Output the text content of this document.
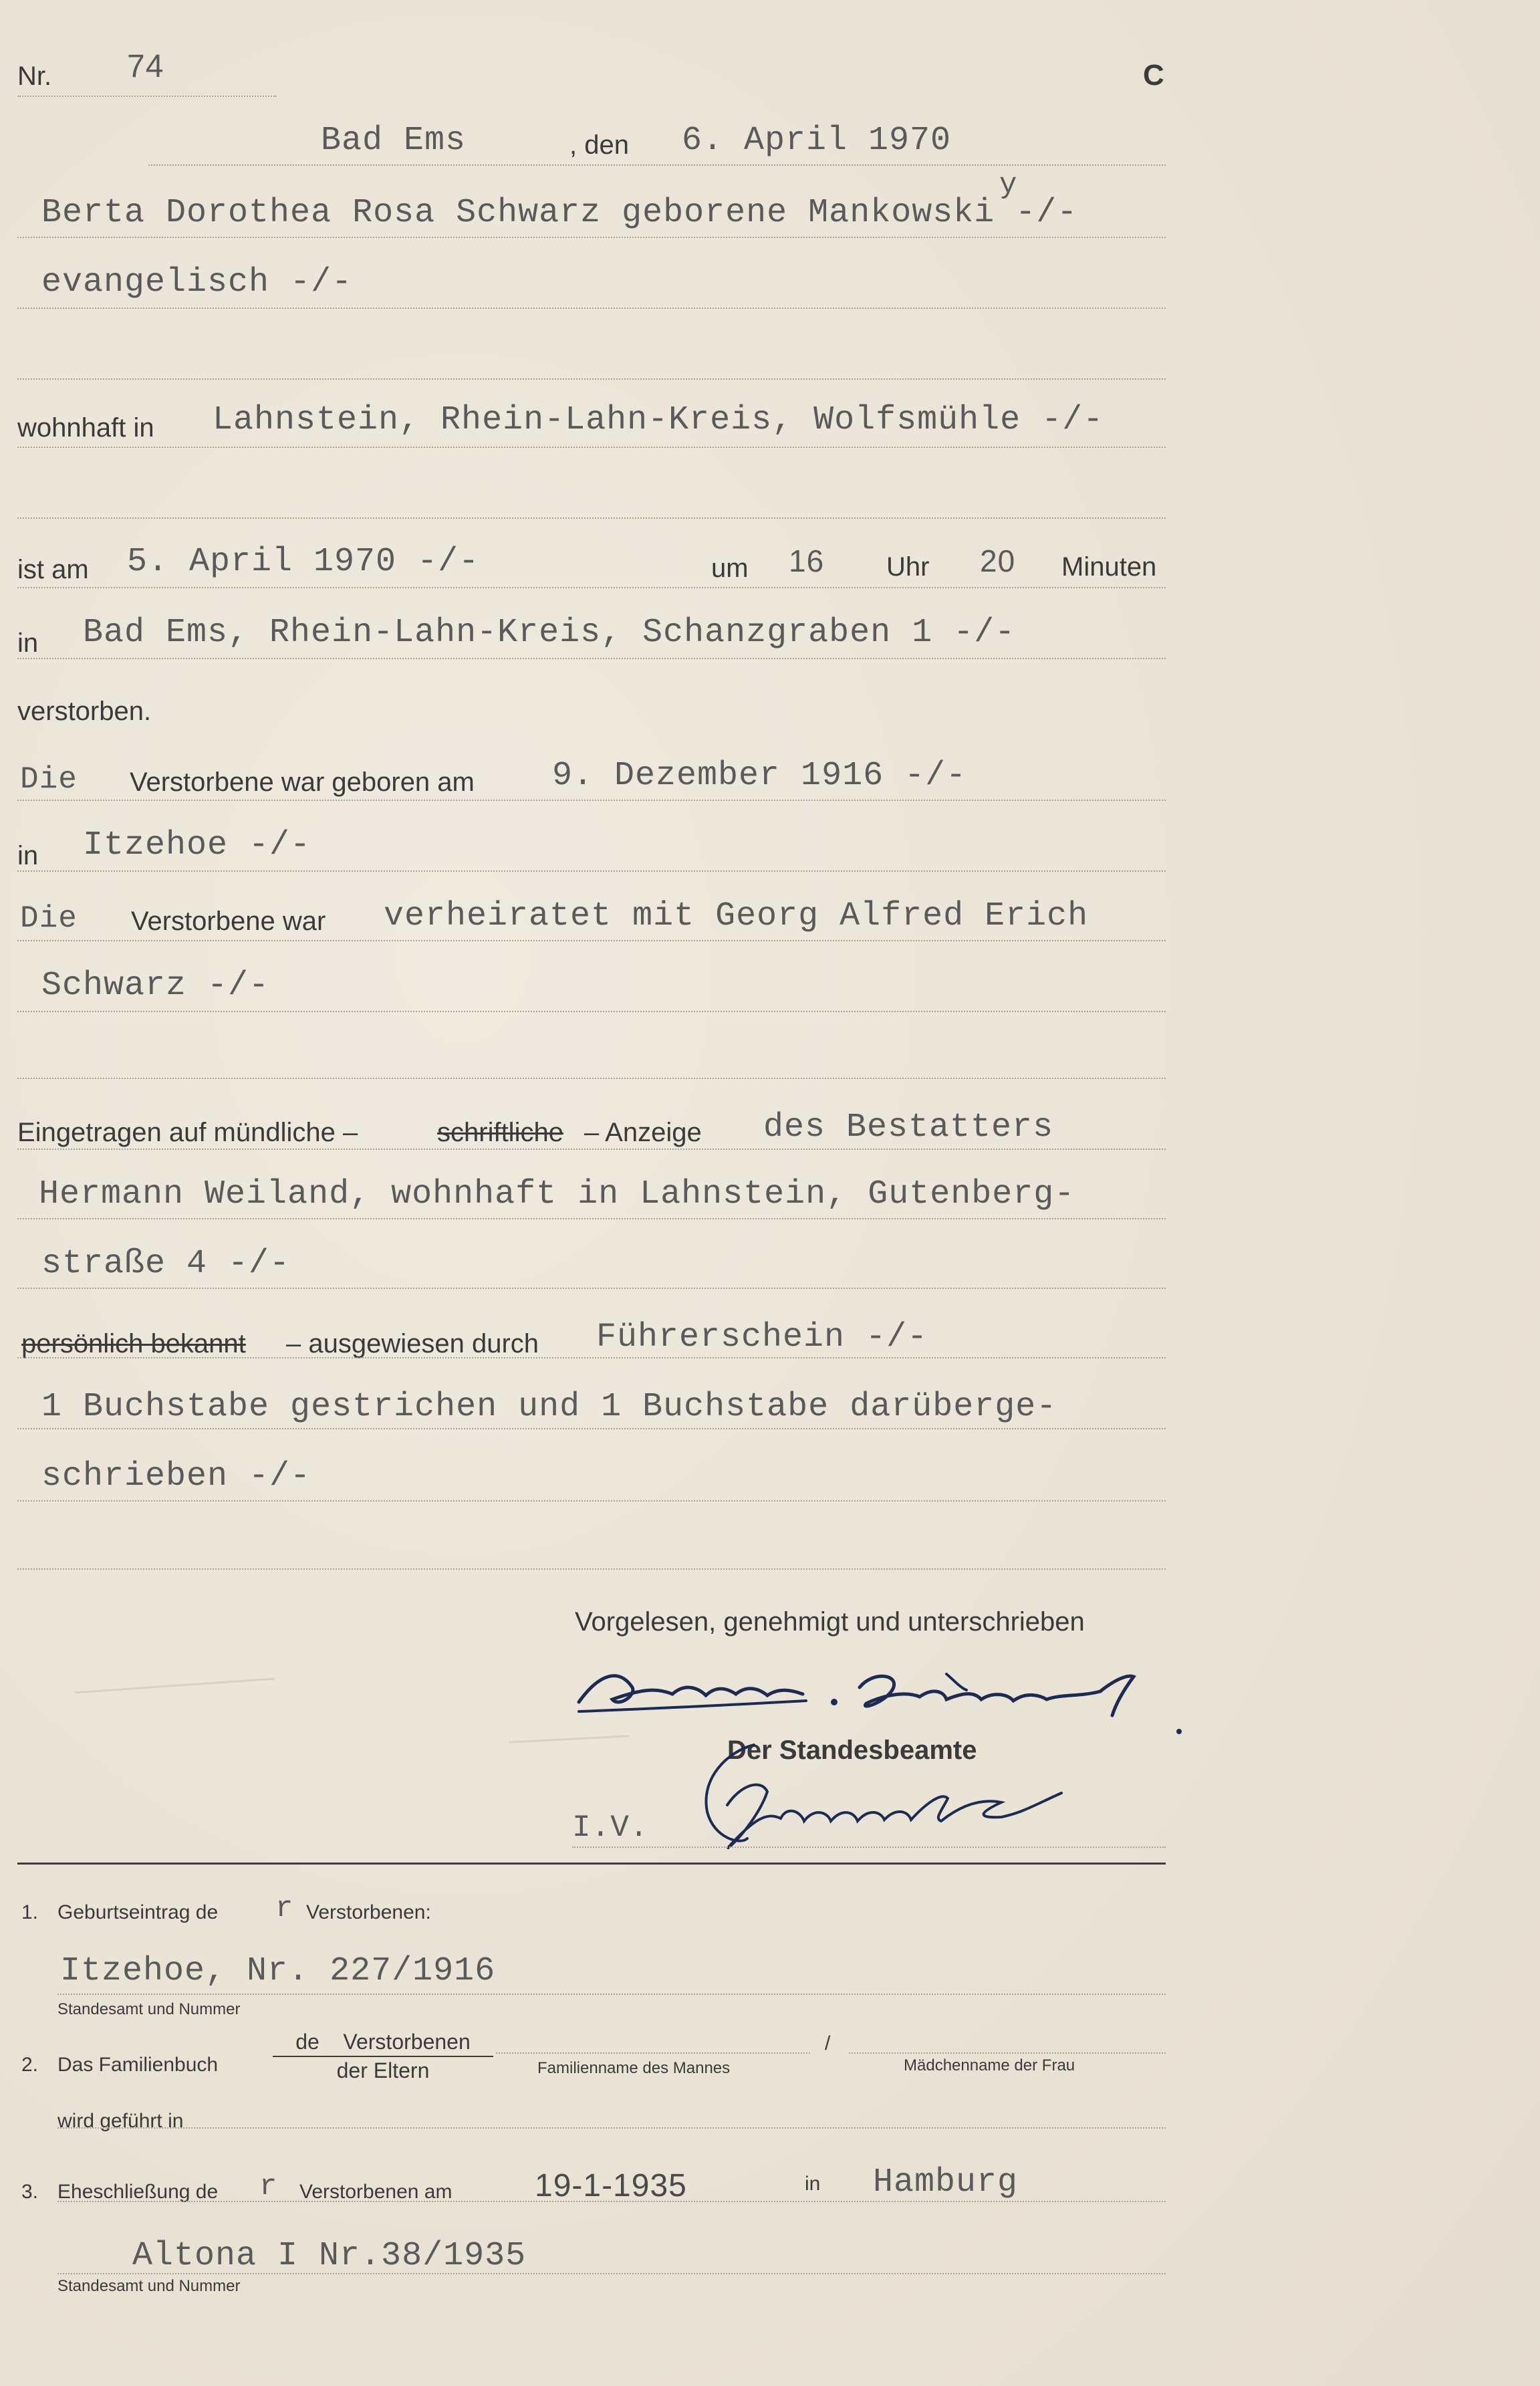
Nr. 74	C
Bad Ems	, den 6. April 1970
y
Berta Dorothea Rosa Schwarz geborene Mankowski -/-
evangelisch -/-
wohnhaft in Lahnstein, Rhein-Lahn-Kreis, Wolfsmühle -/-
ist am 5. April 1970 -/-	um 16 Uhr 20 Minuten
in Bad Ems, Rhein-Lahn-Kreis, Schanzgraben 1 -/-
verstorben.
Die Verstorbene war geboren am 9. Dezember 1916 -/-
in Itzehoe -/-
Die Verstorbene war verheiratet mit Georg Alfred Erich
Schwarz -/-
Eingetragen auf mündliche –	schriftliche – Anzeige des Bestatters
Hermann Weiland, wohnhaft in Lahnstein, Gutenberg-
straße 4 -/-
persönlich bekannt – ausgewiesen durch Führerschein -/-
1 Buchstabe gestrichen und 1 Buchstabe darüberge-
schrieben -/-
Vorgelesen, genehmigt und unterschrieben
Der Standesbeamte
I.V.
1. Geburtseintrag de r Verstorbenen:
Itzehoe, Nr. 227/1916
Standesamt und Nummer
2. Das Familienbuch
de Verstorbenen
der Eltern	Familienname des Mannes
/
Mädchenname der Frau
wird geführt in
3. Eheschließung de r Verstorbenen am	19-1-1935	in Hamburg
Altona I Nr.38/1935
Standesamt und Nummer
